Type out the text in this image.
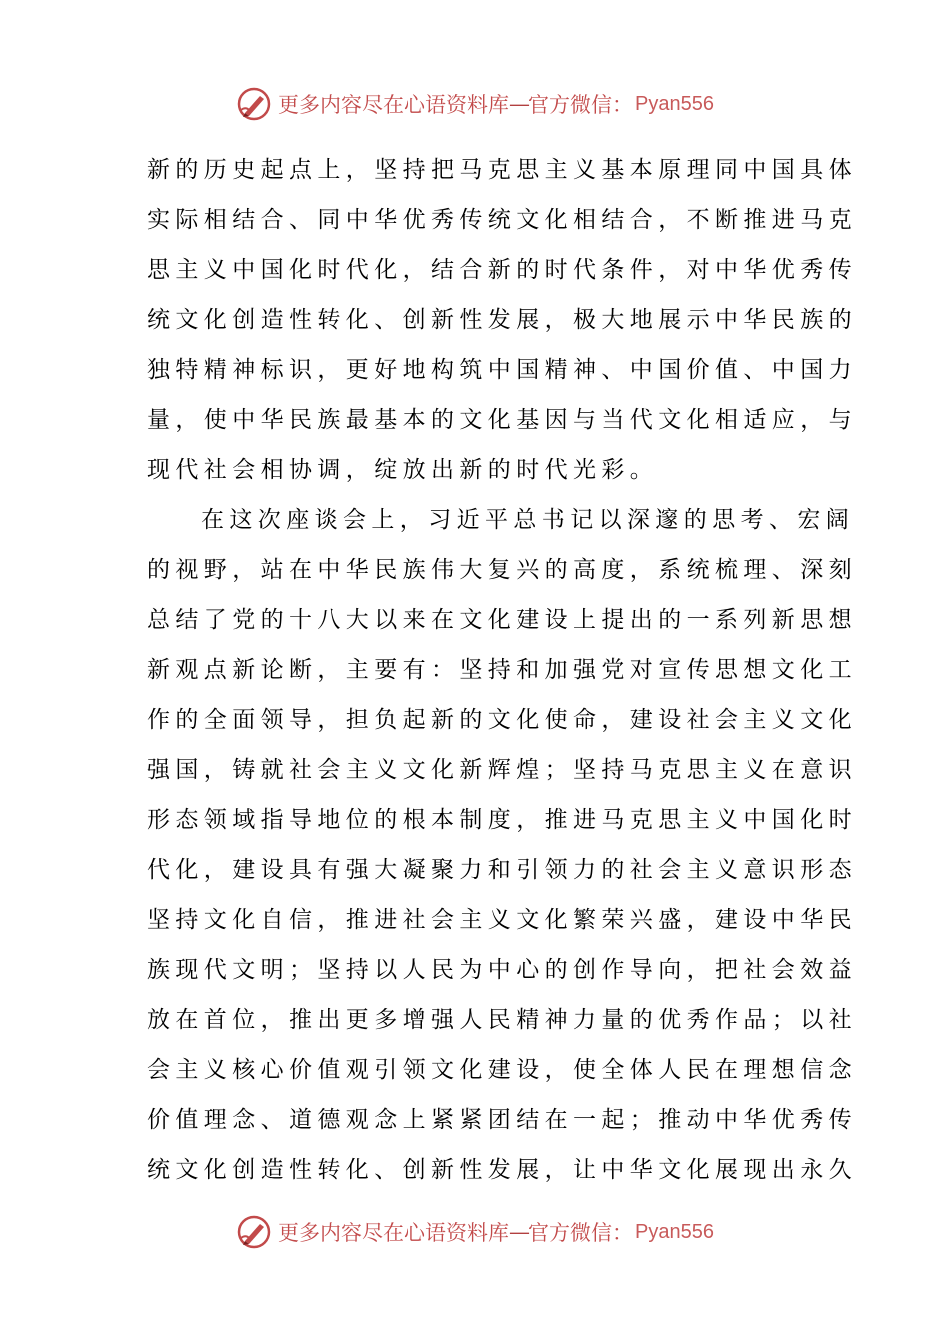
更多内容尽在心语资料库 — 官方微信： Pyan556
新的历史起点上，坚持把马克思主义基本原理同中国具体
实际相结合、同中华优秀传统文化相结合，不断推进马克
思主义中国化时代化，结合新的时代条件，对中华优秀传
统文化创造性转化、创新性发展，极大地展示中华民族的
独特精神标识，更好地构筑中国精神、中国价值、中国力
量，使中华民族最基本的文化基因与当代文化相适应，与
现代社会相协调，绽放出新的时代光彩。
在这次座谈会上，习近平总书记以深邃的思考、宏阔
的视野，站在中华民族伟大复兴的高度，系统梳理、深刻
总结了党的十八大以来在文化建设上提出的一系列新思想
新观点新论断，主要有：坚持和加强党对宣传思想文化工
作的全面领导，担负起新的文化使命，建设社会主义文化
强国，铸就社会主义文化新辉煌；坚持马克思主义在意识
形态领域指导地位的根本制度，推进马克思主义中国化时
代化，建设具有强大凝聚力和引领力的社会主义意识形态
坚持文化自信，推进社会主义文化繁荣兴盛，建设中华民
族现代文明；坚持以人民为中心的创作导向，把社会效益
放在首位，推出更多增强人民精神力量的优秀作品；以社
会主义核心价值观引领文化建设，使全体人民在理想信念
价值理念、道德观念上紧紧团结在一起；推动中华优秀传
统文化创造性转化、创新性发展，让中华文化展现出永久
更多内容尽在心语资料库 — 官方微信： Pyan556
